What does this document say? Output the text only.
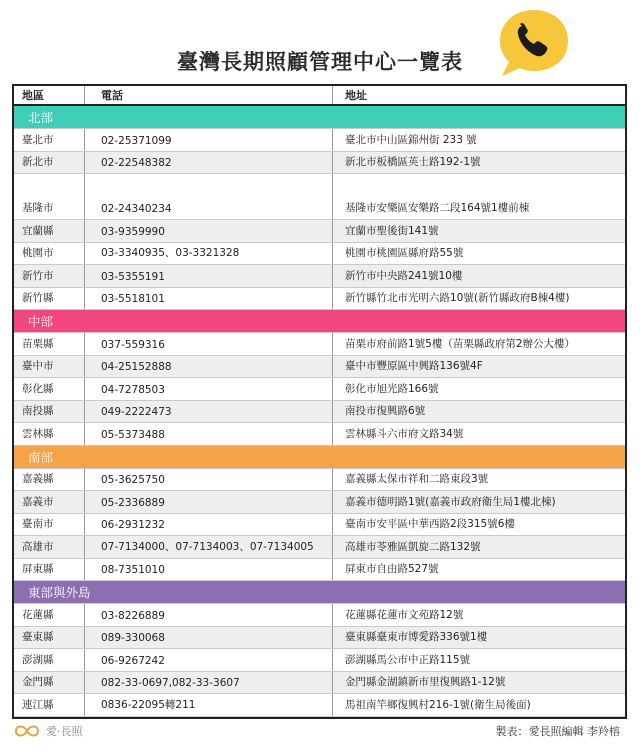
臺灣長期照顧管理中心一覽表
地區	電話	地址
北部
臺北市	02-25371099	臺北市中山區錦州街 233 號
新北市	02-22548382	新北市板橋區英士路192-1號
基隆市	02-24340234	基隆市安樂區安樂路二段164號1樓前棟
宜蘭縣	03-9359990	宜蘭市聖後街141號
桃園市	03-3340935、03-3321328	桃園市桃園區縣府路55號
新竹市	03-5355191	新竹市中央路241號10樓
新竹縣	03-5518101	新竹縣竹北市光明六路10號(新竹縣政府B棟4樓)
中部
苗栗縣	037-559316	苗栗市府前路1號5樓（苗栗縣政府第2辦公大樓）
臺中市	04-25152888	臺中市豐原區中興路136號4F
彰化縣	04-7278503	彰化市旭光路166號
南投縣	049-2222473	南投市復興路6號
雲林縣	05-5373488	雲林縣斗六市府文路34號
南部
嘉義縣	05-3625750	嘉義縣太保市祥和二路東段3號
嘉義市	05-2336889	嘉義市德明路1號(嘉義市政府衛生局1樓北棟)
臺南市	06-2931232	臺南市安平區中華西路2段315號6樓
高雄市	07-7134000、07-7134003、07-7134005	高雄市苓雅區凱旋二路132號
屏東縣	08-7351010	屏東市自由路527號
東部與外島
花蓮縣	03-8226889	花蓮縣花蓮市文苑路12號
臺東縣	089-330068	臺東縣臺東市博愛路336號1樓
澎湖縣	06-9267242	澎湖縣馬公市中正路115號
金門縣	082-33-0697,082-33-3607	金門縣金湖鎮新市里復興路1-12號
連江縣	0836-22095轉211	馬祖南竿鄉復興村216-1號(衛生局後面)
愛‧長照	製表：愛長照編輯 李羚榕
